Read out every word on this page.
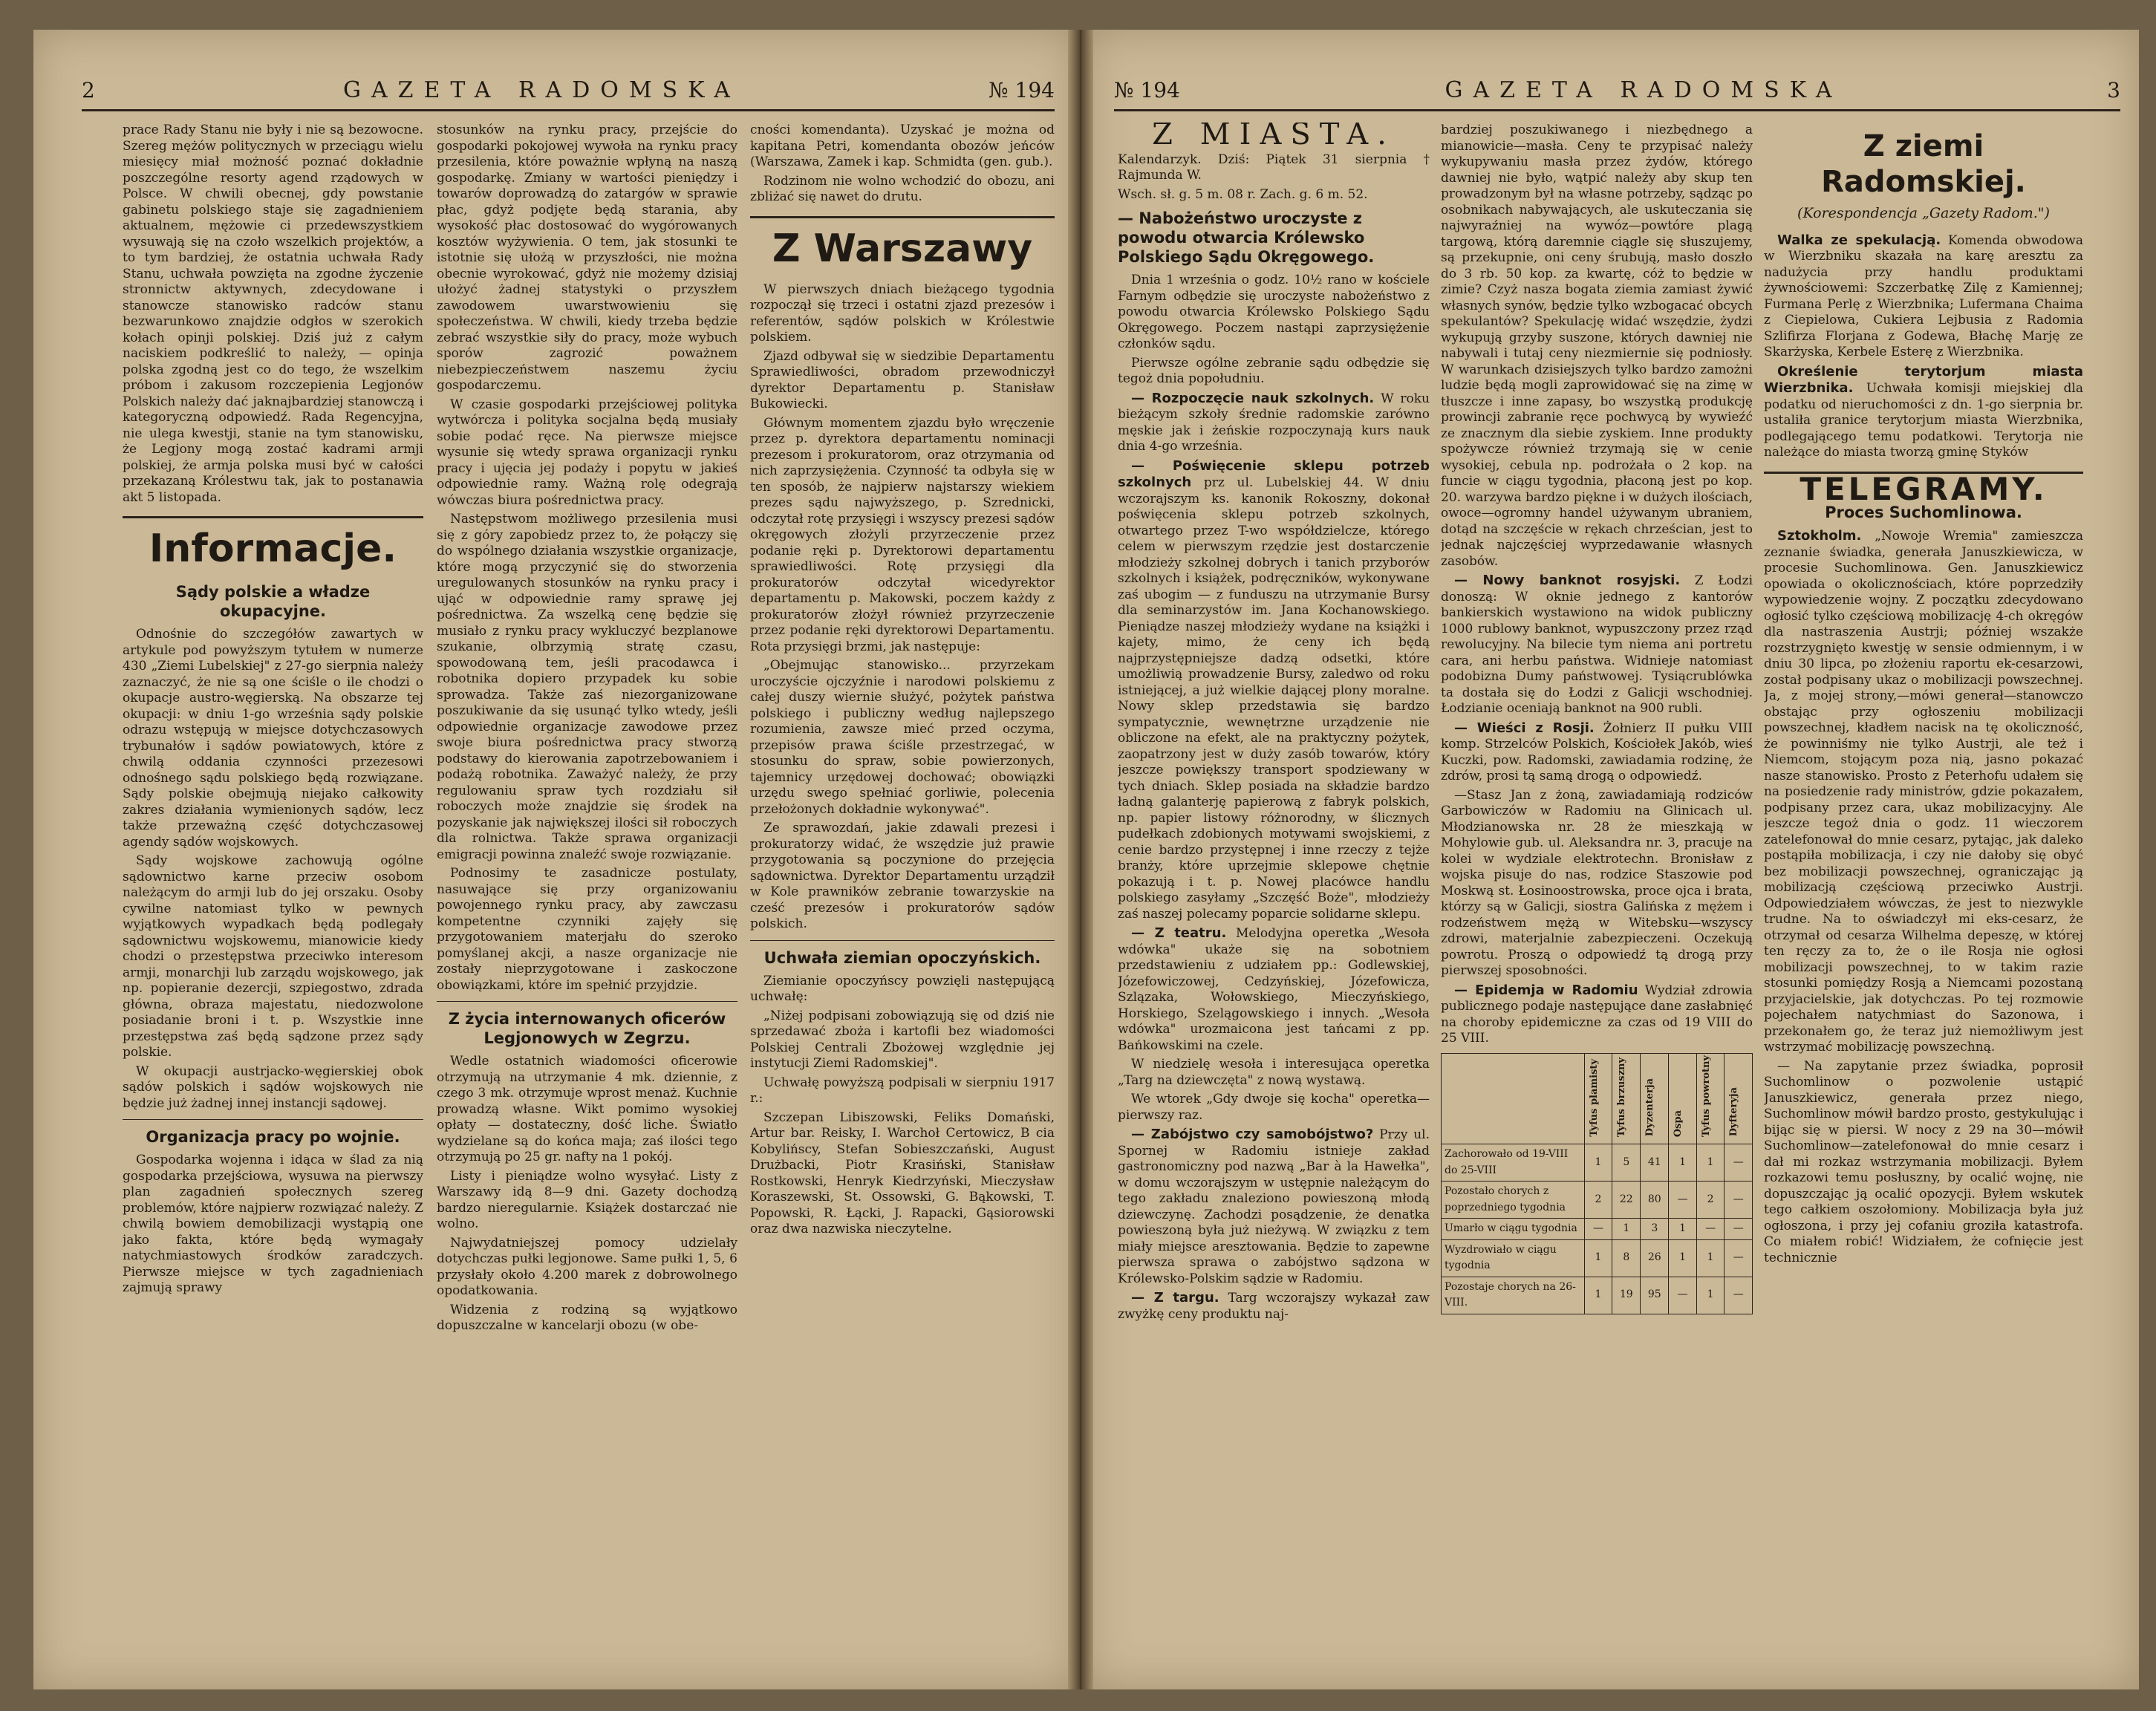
2	GAZETA RADOMSKA	№ 194	№ 194	GAZETA RADOMSKA	3

prace Rady Stanu nie były i nie są bezowocne. Szereg mężów politycznych w przeciągu wielu miesięcy miał możność poznać dokładnie poszczególne resorty agend rządowych w Polsce. W chwili obecnej, gdy powstanie gabinetu polskiego staje się zagadnieniem aktualnem, mężowie ci przedewszystkiem wysuwają się na czoło wszelkich projektów, a to tym bardziej, że ostatnia uchwała Rady Stanu, uchwała powzięta na zgodne życzenie stronnictw aktywnych, zdecydowane i stanowcze stanowisko radców stanu bezwarunkowo znajdzie odgłos w szerokich kołach opinji polskiej. Dziś już z całym naciskiem podkreślić to należy, — opinja polska zgodną jest co do tego, że wszelkim próbom i zakusom rozczepienia Legjonów Polskich należy dać jaknajbardziej stanowczą i kategoryczną odpowiedź. Rada Regencyjna, nie ulega kwestji, stanie na tym stanowisku, że Legjony mogą zostać kadrami armji polskiej, że armja polska musi być w całości przekazaną Królestwu tak, jak to postanawia akt 5 listopada.

Informacje.
Sądy polskie a władze okupacyjne.

Odnośnie do szczegółów zawartych w artykule pod powyższym tytułem w numerze 430 „Ziemi Lubelskiej" z 27-go sierpnia należy zaznaczyć, że nie są one ściśle o ile chodzi o okupacje austro-węgierską. Na obszarze tej okupacji: w dniu 1-go września sądy polskie odrazu wstępują w miejsce dotychczasowych trybunałów i sądów powiatowych, które z chwilą oddania czynności przezesowi odnośnego sądu polskiego będą rozwiązane. Sądy polskie obejmują niejako całkowity zakres działania wymienionych sądów, lecz także przeważną część dotychczasowej agendy sądów wojskowych.

Sądy wojskowe zachowują ogólne sądownictwo karne przeciw osobom należącym do armji lub do jej orszaku. Osoby cywilne natomiast tylko w pewnych wyjątkowych wypadkach będą podlegały sądownictwu wojskowemu, mianowicie kiedy chodzi o przestępstwa przeciwko interesom armji, monarchji lub zarządu wojskowego, jak np. popieranie dezercji, szpiegostwo, zdrada główna, obraza majestatu, niedozwolone posiadanie broni i t. p. Wszystkie inne przestępstwa zaś będą sądzone przez sądy polskie.

W okupacji austrjacko-węgierskiej obok sądów polskich i sądów wojskowych nie będzie już żadnej innej instancji sądowej.

Organizacja pracy po wojnie.

Gospodarka wojenna i idąca w ślad za nią gospodarka przejściowa, wysuwa na pierwszy plan zagadnień społecznych szereg problemów, które najpierw rozwiązać należy. Z chwilą bowiem demobilizacji wystąpią one jako fakta, które będą wymagały natychmiastowych środków zaradczych. Pierwsze miejsce w tych zagadnieniach zajmują sprawy

stosunków na rynku pracy, przejście do gospodarki pokojowej wywoła na rynku pracy przesilenia, które poważnie wpłyną na naszą gospodarkę. Zmiany w wartości pieniędzy i towarów doprowadzą do zatargów w sprawie płac, gdyż podjęte będą starania, aby wysokość płac dostosować do wygórowanych kosztów wyżywienia. O tem, jak stosunki te istotnie się ułożą w przyszłości, nie można obecnie wyrokować, gdyż nie możemy dzisiaj ułożyć żadnej statystyki o przyszłem zawodowem uwarstwowieniu się społeczeństwa. W chwili, kiedy trzeba będzie zebrać wszystkie siły do pracy, może wybuch sporów zagrozić poważnem niebezpieczeństwem naszemu życiu gospodarczemu.

W czasie gospodarki przejściowej polityka wytwórcza i polityka socjalna będą musiały sobie podać ręce. Na pierwsze miejsce wysunie się wtedy sprawa organizacji rynku pracy i ujęcia jej podaży i popytu w jakieś odpowiednie ramy. Ważną rolę odegrają wówczas biura pośrednictwa pracy.

Następstwom możliwego przesilenia musi się z góry zapobiedz przez to, że połączy się do wspólnego działania wszystkie organizacje, które mogą przyczynić się do stworzenia uregulowanych stosunków na rynku pracy i ująć w odpowiednie ramy sprawę jej pośrednictwa. Za wszelką cenę będzie się musiało z rynku pracy wykluczyć bezplanowe szukanie, olbrzymią stratę czasu, spowodowaną tem, jeśli pracodawca i robotnika dopiero przypadek ku sobie sprowadza. Także zaś niezorganizowane poszukiwanie da się usunąć tylko wtedy, jeśli odpowiednie organizacje zawodowe przez swoje biura pośrednictwa pracy stworzą podstawy do kierowania zapotrzebowaniem i podażą robotnika. Zaważyć należy, że przy regulowaniu spraw tych rozdziału sił roboczych może znajdzie się środek na pozyskanie jak największej ilości sił roboczych dla rolnictwa. Także sprawa organizacji emigracji powinna znaleźć swoje rozwiązanie.

Podnosimy te zasadnicze postulaty, nasuwające się przy organizowaniu powojennego rynku pracy, aby zawczasu kompetentne czynniki zajęły się przygotowaniem materjału do szeroko pomyślanej akcji, a nasze organizacje nie zostały nieprzygotowane i zaskoczone obowiązkami, które im spełnić przyjdzie.

Z życia internowanych oficerów Legjonowych w Zegrzu.

Wedle ostatnich wiadomości oficerowie otrzymują na utrzymanie 4 mk. dziennie, z czego 3 mk. otrzymuje wprost menaż. Kuchnie prowadzą własne. Wikt pomimo wysokiej opłaty — dostateczny, dość liche. Światło wydzielane są do końca maja; zaś ilości tego otrzymują po 25 gr. nafty na 1 pokój.

Listy i pieniądze wolno wysyłać. Listy z Warszawy idą 8—9 dni. Gazety dochodzą bardzo nieregularnie. Książek dostarczać nie wolno.

Najwydatniejszej pomocy udzielały dotychczas pułki legjonowe. Same pułki 1, 5, 6 przysłały około 4.200 marek z dobrowolnego opodatkowania.

Widzenia z rodziną są wyjątkowo dopuszczalne w kancelarji obozu (w obe-

cności komendanta). Uzyskać je można od kapitana Petri, komendanta obozów jeńców (Warszawa, Zamek i kap. Schmidta (gen. gub.).

Rodzinom nie wolno wchodzić do obozu, ani zbliżać się nawet do drutu.

Z Warszawy

W pierwszych dniach bieżącego tygodnia rozpoczął się trzeci i ostatni zjazd prezesów i referentów, sądów polskich w Królestwie polskiem.

Zjazd odbywał się w siedzibie Departamentu Sprawiedliwości, obradom przewodniczył dyrektor Departamentu p. Stanisław Bukowiecki.

Głównym momentem zjazdu było wręczenie przez p. dyrektora departamentu nominacji prezesom i prokuratorom, oraz otrzymania od nich zaprzysiężenia. Czynność ta odbyła się w ten sposób, że najpierw najstarszy wiekiem prezes sądu najwyższego, p. Szrednicki, odczytał rotę przysięgi i wszyscy prezesi sądów okręgowych złożyli przyrzeczenie przez podanie ręki p. Dyrektorowi departamentu sprawiedliwości. Rotę przysięgi dla prokuratorów odczytał wicedyrektor departamentu p. Makowski, poczem każdy z prokuratorów złożył również przyrzeczenie przez podanie ręki dyrektorowi Departamentu. Rota przysięgi brzmi, jak następuje:

„Obejmując stanowisko... przyrzekam uroczyście ojczyźnie i narodowi polskiemu z całej duszy wiernie służyć, pożytek państwa polskiego i publiczny według najlepszego rozumienia, zawsze mieć przed oczyma, przepisów prawa ściśle przestrzegać, w stosunku do spraw, sobie powierzonych, tajemnicy urzędowej dochować; obowiązki urzędu swego spełniać gorliwie, polecenia przełożonych dokładnie wykonywać".

Ze sprawozdań, jakie zdawali prezesi i prokuratorzy widać, że wszędzie już prawie przygotowania są poczynione do przejęcia sądownictwa. Dyrektor Departamentu urządził w Kole prawników zebranie towarzyskie na cześć prezesów i prokuratorów sądów polskich.

Uchwała ziemian opoczyńskich.

Ziemianie opoczyńscy powzięli następującą uchwałę:

„Niżej podpisani zobowiązują się od dziś nie sprzedawać zboża i kartofli bez wiadomości Polskiej Centrali Zbożowej względnie jej instytucji Ziemi Radomskiej".

Uchwałę powyższą podpisali w sierpniu 1917 r.:

Szczepan Libiszowski, Feliks Domański, Artur bar. Reisky, I. Warchoł Certowicz, B cia Kobylińscy, Stefan Sobieszczański, August Drużbacki, Piotr Krasiński, Stanisław Rostkowski, Henryk Kiedrzyński, Mieczysław Koraszewski, St. Ossowski, G. Bąkowski, T. Popowski, R. Łącki, J. Rapacki, Gąsiorowski oraz dwa nazwiska nieczytelne.

Z MIASTA.

Kalendarzyk. Dziś: Piątek 31 sierpnia † Rajmunda W.

Wsch. sł. g. 5 m. 08 r. Zach. g. 6 m. 52.

— Nabożeństwo uroczyste z powodu otwarcia Królewsko Polskiego Sądu Okręgowego.

Dnia 1 września o godz. 10½ rano w kościele Farnym odbędzie się uroczyste nabożeństwo z powodu otwarcia Królewsko Polskiego Sądu Okręgowego. Poczem nastąpi zaprzysiężenie członków sądu.

Pierwsze ogólne zebranie sądu odbędzie się tegoż dnia popołudniu.

— Rozpoczęcie nauk szkolnych. W roku bieżącym szkoły średnie radomskie zarówno męskie jak i żeńskie rozpoczynają kurs nauk dnia 4-go września.

— Poświęcenie sklepu potrzeb szkolnych prz ul. Lubelskiej 44. W dniu wczorajszym ks. kanonik Rokoszny, dokonał poświęcenia sklepu potrzeb szkolnych, otwartego przez T-wo współdzielcze, którego celem w pierwszym rzędzie jest dostarczenie młodzieży szkolnej dobrych i tanich przyborów szkolnych i książek, podręczników, wykonywane zaś ubogim — z funduszu na utrzymanie Bursy dla seminarzystów im. Jana Kochanowskiego. Pieniądze naszej młodzieży wydane na książki i kajety, mimo, że ceny ich będą najprzystępniejsze dadzą odsetki, które umożliwią prowadzenie Bursy, zaledwo od roku istniejącej, a już wielkie dającej plony moralne. Nowy sklep przedstawia się bardzo sympatycznie, wewnętrzne urządzenie nie obliczone na efekt, ale na praktyczny pożytek, zaopatrzony jest w duży zasób towarów, który jeszcze powiększy transport spodziewany w tych dniach. Sklep posiada na składzie bardzo ładną galanterję papierową z fabryk polskich, np. papier listowy różnorodny, w ślicznych pudełkach zdobionych motywami swojskiemi, z cenie bardzo przystępnej i inne rzeczy z tejże branży, które uprzejmie sklepowe chętnie pokazują i t. p. Nowej placówce handlu polskiego zasyłamy „Szczęść Boże", młodzieży zaś naszej polecamy poparcie solidarne sklepu.

— Z teatru. Melodyjna operetka „Wesoła wdówka" ukaże się na sobotniem przedstawieniu z udziałem pp.: Godlewskiej, Józefowiczowej, Cedzyńskiej, Józefowicza, Szlązaka, Wołowskiego, Mieczyńskiego, Horskiego, Szelągowskiego i innych. „Wesoła wdówka" urozmaicona jest tańcami z pp. Bańkowskimi na czele.

W niedzielę wesoła i interesująca operetka „Targ na dziewczęta" z nową wystawą.

We wtorek „Gdy dwoje się kocha" operetka—pierwszy raz.

— Zabójstwo czy samobójstwo? Przy ul. Spornej w Radomiu istnieje zakład gastronomiczny pod nazwą „Bar à la Hawełka", w domu wczorajszym w ustępnie należącym do tego zakładu znaleziono powieszoną młodą dziewczynę. Zachodzi posądzenie, że denatka powieszoną była już nieżywą. W związku z tem miały miejsce aresztowania. Będzie to zapewne pierwsza sprawa o zabójstwo sądzona w Królewsko-Polskim sądzie w Radomiu.

— Z targu. Targ wczorajszy wykazał zaw zwyżkę ceny produktu naj-

bardziej poszukiwanego i niezbędnego a mianowicie—masła. Ceny te przypisać należy wykupywaniu masła przez żydów, którego dawniej nie było, wątpić należy aby skup ten prowadzonym był na własne potrzeby, sądząc po osobnikach nabywających, ale uskuteczania się najwyraźniej na wywóz—powtóre plagą targową, którą daremnie ciągle się słuszujemy, są przekupnie, oni ceny śrubują, masło doszło do 3 rb. 50 kop. za kwartę, cóż to będzie w zimie? Czyż nasza bogata ziemia zamiast żywić własnych synów, będzie tylko wzbogacać obcych spekulantów? Spekulację widać wszędzie, żydzi wykupują grzyby suszone, których dawniej nie nabywali i tutaj ceny niezmiernie się podniosły. W warunkach dzisiejszych tylko bardzo zamożni ludzie będą mogli zaprowidować się na zimę w tłuszcze i inne zapasy, bo wszystką produkcję prowincji zabranie ręce pochwycą by wywieźć ze znacznym dla siebie zyskiem. Inne produkty spożywcze również trzymają się w cenie wysokiej, cebula np. podrożała o 2 kop. na funcie w ciągu tygodnia, płaconą jest po kop. 20. warzywa bardzo piękne i w dużych ilościach, owoce—ogromny handel używanym ubraniem, dotąd na szczęście w rękach chrześcian, jest to jednak najczęściej wyprzedawanie własnych zasobów.

— Nowy banknot rosyjski. Z Łodzi donoszą: W oknie jednego z kantorów bankierskich wystawiono na widok publiczny 1000 rublowy banknot, wypuszczony przez rząd rewolucyjny. Na bilecie tym niema ani portretu cara, ani herbu państwa. Widnieje natomiast podobizna Dumy państwowej. Tysiącrublówka ta dostała się do Łodzi z Galicji wschodniej. Łodzianie oceniają banknot na 900 rubli.

— Wieści z Rosji. Żołnierz II pułku VIII komp. Strzelców Polskich, Kościołek Jakób, wieś Kuczki, pow. Radomski, zawiadamia rodzinę, że zdrów, prosi tą samą drogą o odpowiedź.

—Stasz Jan z żoną, zawiadamiają rodziców Garbowiczów w Radomiu na Glinicach ul. Młodzianowska nr. 28 że mieszkają w Mohylowie gub. ul. Aleksandra nr. 3, pracuje na kolei w wydziale elektrotechn. Bronisław z wojska pisuje do nas, rodzice Staszowie pod Moskwą st. Łosinoostrowska, proce ojca i brata, którzy są w Galicji, siostra Galińska z mężem i rodzeństwem mężą w Witebsku—wszyscy zdrowi, materjalnie zabezpieczeni. Oczekują powrotu. Proszą o odpowiedź tą drogą przy pierwszej sposobności.

— Epidemja w Radomiu Wydział zdrowia publicznego podaje następujące dane zasłabnięć na choroby epidemiczne za czas od 19 VIII do 25 VIII.

	Tyfus plamisty	Tyfus brzuszny	Dyzenterja	Ospa	Tyfus powrotny	Dyfteryja
Zachorowało od 19-VIII do 25-VIII	1	5	41	1	1	—
Pozostało chorych z poprzedniego tygodnia	2	22	80	—	2	—
Umarło w ciągu tygodnia	—	1	3	1	—	—
Wyzdrowiało w ciągu tygodnia	1	8	26	1	1	—
Pozostaje chorych na 26-VIII.	1	19	95	—	1	—
Z ziemi Radomskiej.
(Korespondencja „Gazety Radom.")

Walka ze spekulacją. Komenda obwodowa w Wierzbniku skazała na karę aresztu za nadużycia przy handlu produktami żywnościowemi: Szczerbatkę Zilę z Kamiennej; Furmana Perlę z Wierzbnika; Lufermana Chaima z Ciepielowa, Cukiera Lejbusia z Radomia Szlifirza Florjana z Godewa, Błachę Marję ze Skarżyska, Kerbele Esterę z Wierzbnika.

Określenie terytorjum miasta Wierzbnika. Uchwała komisji miejskiej dla podatku od nieruchomości z dn. 1-go sierpnia br. ustaliła granice terytorjum miasta Wierzbnika, podlegającego temu podatkowi. Terytorja nie należące do miasta tworzą gminę Styków

TELEGRAMY.
Proces Suchomlinowa.

Sztokholm. „Nowoje Wremia" zamieszcza zeznanie świadka, generała Januszkiewicza, w procesie Suchomlinowa. Gen. Januszkiewicz opowiada o okolicznościach, które poprzedziły wypowiedzenie wojny. Z początku zdecydowano ogłosić tylko częściową mobilizację 4-ch okręgów dla nastraszenia Austrji; później wszakże rozstrzygnięto kwestję w sensie odmiennym, i w dniu 30 lipca, po złożeniu raportu ek-cesarzowi, został podpisany ukaz o mobilizacji powszechnej. Ja, z mojej strony,—mówi generał—stanowczo obstając przy ogłoszeniu mobilizacji powszechnej, kładłem nacisk na tę okoliczność, że powinniśmy nie tylko Austrji, ale też i Niemcom, stojącym poza nią, jasno pokazać nasze stanowisko. Prosto z Peterhofu udałem się na posiedzenie rady ministrów, gdzie pokazałem, podpisany przez cara, ukaz mobilizacyjny. Ale jeszcze tegoż dnia o godz. 11 wieczorem zatelefonował do mnie cesarz, pytając, jak daleko postąpiła mobilizacja, i czy nie dałoby się obyć bez mobilizacji powszechnej, ograniczając ją mobilizacją częściową przeciwko Austrji. Odpowiedziałem wówczas, że jest to niezwykle trudne. Na to oświadczył mi eks-cesarz, że otrzymał od cesarza Wilhelma depeszę, w której ten ręczy za to, że o ile Rosja nie ogłosi mobilizacji powszechnej, to w takim razie stosunki pomiędzy Rosją a Niemcami pozostaną przyjacielskie, jak dotychczas. Po tej rozmowie pojechałem natychmiast do Sazonowa, i przekonałem go, że teraz już niemożliwym jest wstrzymać mobilizację powszechną.

— Na zapytanie przez świadka, poprosił Suchomlinow o pozwolenie ustąpić Januszkiewicz, generała przez niego, Suchomlinow mówił bardzo prosto, gestykulując i bijąc się w piersi. W nocy z 29 na 30—mówił Suchomlinow—zatelefonował do mnie cesarz i dał mi rozkaz wstrzymania mobilizacji. Byłem rozkazowi temu posłuszny, by ocalić wojnę, nie dopuszczając ją ocalić opozycji. Byłem wskutek tego całkiem oszołomiony. Mobilizacja była już ogłoszona, i przy jej cofaniu groziła katastrofa. Co miałem robić! Widziałem, że cofnięcie jest technicznie
